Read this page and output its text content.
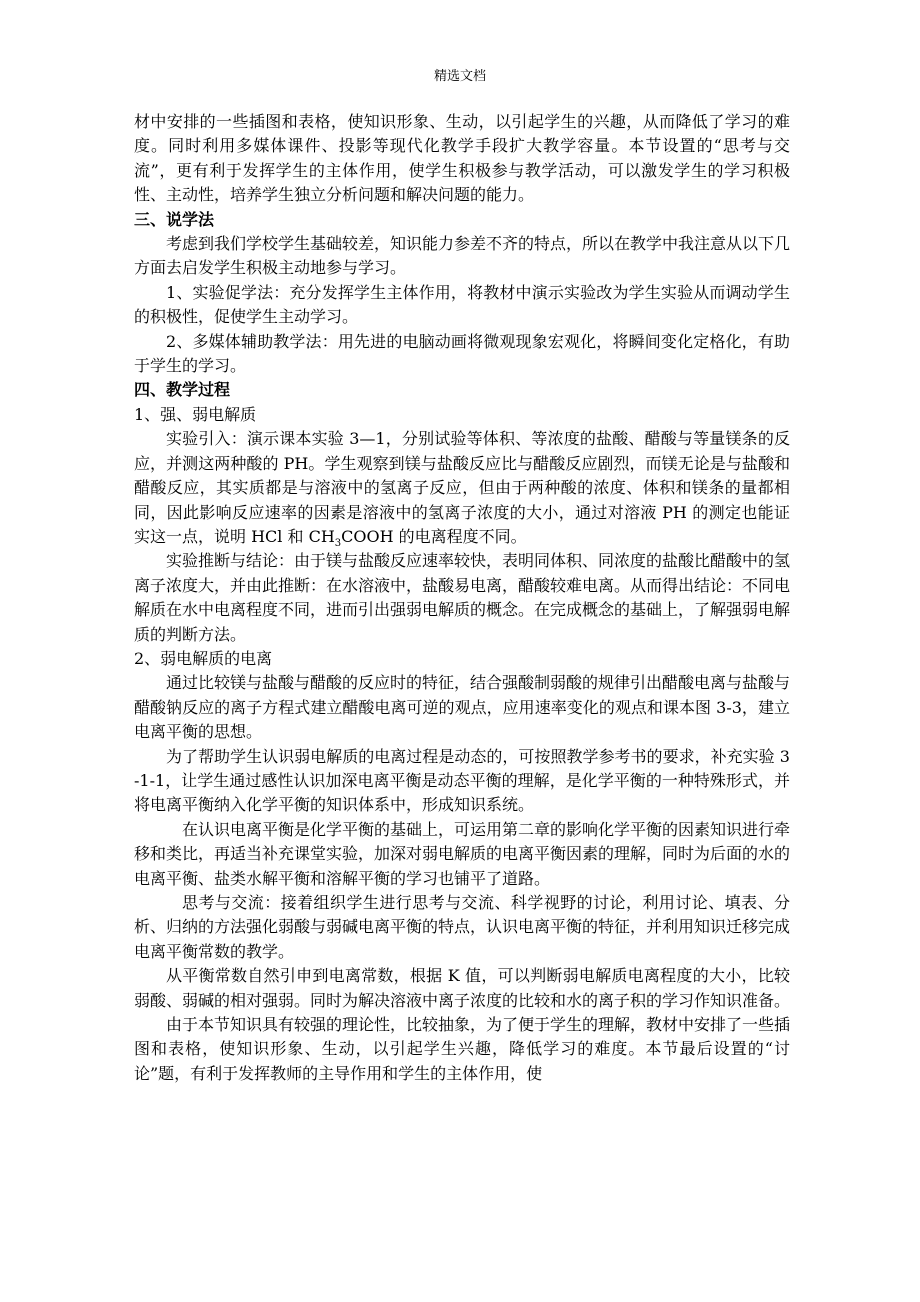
精选文档

材中安排的一些插图和表格，使知识形象、生动，以引起学生的兴趣，从而降低了学习的难度。同时利用多媒体课件、投影等现代化教学手段扩大教学容量。本节设置的“思考与交流”，更有利于发挥学生的主体作用，使学生积极参与教学活动，可以激发学生的学习积极性、主动性，培养学生独立分析问题和解决问题的能力。

三、说学法

考虑到我们学校学生基础较差，知识能力参差不齐的特点，所以在教学中我注意从以下几方面去启发学生积极主动地参与学习。

1、实验促学法：充分发挥学生主体作用，将教材中演示实验改为学生实验从而调动学生的积极性，促使学生主动学习。

2、多媒体辅助教学法：用先进的电脑动画将微观现象宏观化，将瞬间变化定格化，有助于学生的学习。

四、教学过程

1、强、弱电解质

实验引入：演示课本实验 3—1，分别试验等体积、等浓度的盐酸、醋酸与等量镁条的反应，并测这两种酸的 PH。学生观察到镁与盐酸反应比与醋酸反应剧烈，而镁无论是与盐酸和醋酸反应，其实质都是与溶液中的氢离子反应，但由于两种酸的浓度、体积和镁条的量都相同，因此影响反应速率的因素是溶液中的氢离子浓度的大小，通过对溶液 PH 的测定也能证实这一点，说明 HCl 和 $CH_3COOH$ 的电离程度不同。

实验推断与结论：由于镁与盐酸反应速率较快，表明同体积、同浓度的盐酸比醋酸中的氢离子浓度大，并由此推断：在水溶液中，盐酸易电离，醋酸较难电离。从而得出结论：不同电解质在水中电离程度不同，进而引出强弱电解质的概念。在完成概念的基础上，了解强弱电解质的判断方法。

2、弱电解质的电离

通过比较镁与盐酸与醋酸的反应时的特征，结合强酸制弱酸的规律引出醋酸电离与盐酸与醋酸钠反应的离子方程式建立醋酸电离可逆的观点，应用速率变化的观点和课本图 3-3，建立电离平衡的思想。

为了帮助学生认识弱电解质的电离过程是动态的，可按照教学参考书的要求，补充实验 3-1-1，让学生通过感性认识加深电离平衡是动态平衡的理解，是化学平衡的一种特殊形式，并将电离平衡纳入化学平衡的知识体系中，形成知识系统。

在认识电离平衡是化学平衡的基础上，可运用第二章的影响化学平衡的因素知识进行牵移和类比，再适当补充课堂实验，加深对弱电解质的电离平衡因素的理解，同时为后面的水的电离平衡、盐类水解平衡和溶解平衡的学习也铺平了道路。

思考与交流：接着组织学生进行思考与交流、科学视野的讨论，利用讨论、填表、分析、归纳的方法强化弱酸与弱碱电离平衡的特点，认识电离平衡的特征，并利用知识迁移完成电离平衡常数的教学。

从平衡常数自然引申到电离常数，根据 K 值，可以判断弱电解质电离程度的大小，比较弱酸、弱碱的相对强弱。同时为解决溶液中离子浓度的比较和水的离子积的学习作知识准备。

由于本节知识具有较强的理论性，比较抽象，为了便于学生的理解，教材中安排了一些插图和表格，使知识形象、生动，以引起学生兴趣，降低学习的难度。本节最后设置的“讨论”题，有利于发挥教师的主导作用和学生的主体作用，使
